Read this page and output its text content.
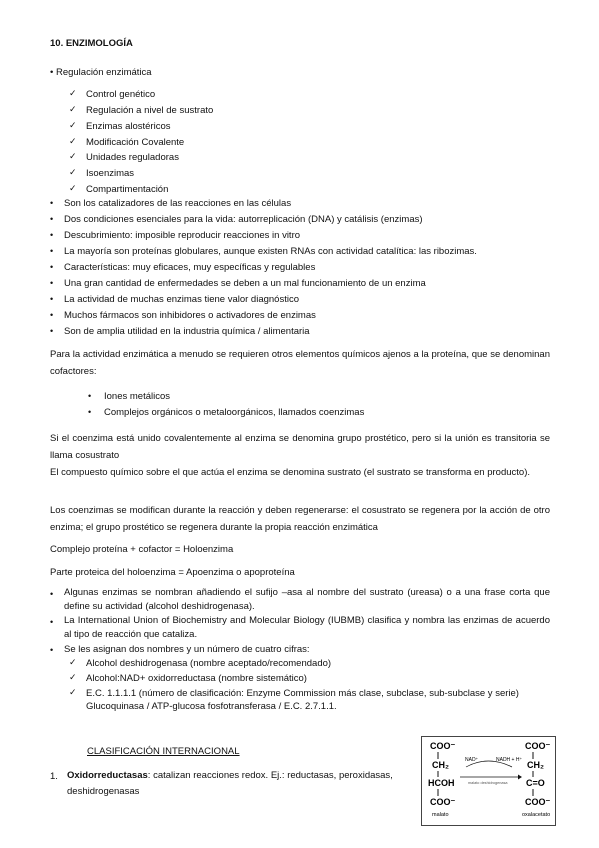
10. ENZIMOLOGÍA
• Regulación enzimática
✓ Control genético
✓ Regulación a nivel de sustrato
✓ Enzimas alostéricos
✓ Modificación Covalente
✓ Unidades reguladoras
✓ Isoenzimas
✓ Compartimentación
• Son los catalizadores de las reacciones en las células
• Dos condiciones esenciales para la vida: autorreplicación (DNA) y catálisis (enzimas)
• Descubrimiento: imposible reproducir reacciones in vitro
• La mayoría son proteínas globulares, aunque existen RNAs con actividad catalítica: las ribozimas.
• Características: muy eficaces, muy específicas y regulables
• Una gran cantidad de enfermedades se deben a un mal funcionamiento de un enzima
• La actividad de muchas enzimas tiene valor diagnóstico
• Muchos fármacos son inhibidores o activadores de enzimas
• Son de amplia utilidad en la industria química / alimentaria
Para la actividad enzimática a menudo se requieren otros elementos químicos ajenos a la proteína, que se denominan cofactores:
• Iones metálicos
• Complejos orgánicos o metaloorgánicos, llamados coenzimas
Si el coenzima está unido covalentemente al enzima se denomina grupo prostético, pero si la unión es transitoria se llama cosustrato
El compuesto químico sobre el que actúa el enzima se denomina sustrato (el sustrato se transforma en producto).
Los coenzimas se modifican durante la reacción y deben regenerarse: el cosustrato se regenera por la acción de otro enzima; el grupo prostético se regenera durante la propia reacción enzimática
Complejo proteína + cofactor = Holoenzima
Parte proteica del holoenzima = Apoenzima o apoproteína
• Algunas enzimas se nombran añadiendo el sufijo –asa al nombre del sustrato (ureasa) o a una frase corta que define su actividad (alcohol deshidrogenasa).
• La International Union of Biochemistry and Molecular Biology (IUBMB) clasifica y nombra las enzimas de acuerdo al tipo de reacción que cataliza.
• Se les asignan dos nombres y un número de cuatro cifras:
✓ Alcohol deshidrogenasa (nombre aceptado/recomendado)
✓ Alcohol:NAD+ oxidorreductasa (nombre sistemático)
✓ E.C. 1.1.1.1 (número de clasificación: Enzyme Commission más clase, subclase, sub-subclase y serie)
Glucoquinasa / ATP-glucosa fosfotransferasa / E.C. 2.7.1.1.
CLASIFICACIÓN INTERNACIONAL
1. Oxidorreductasas: catalizan reacciones redox. Ej.: reductasas, peroxidasas, deshidrogenasas
COO⁻
CH₂
HCOH
COO⁻
malato
NAD⁺	NADH + H⁺
malato deshidrogenasa
COO⁻
CH₂
C=O
COO⁻
oxalacetato
